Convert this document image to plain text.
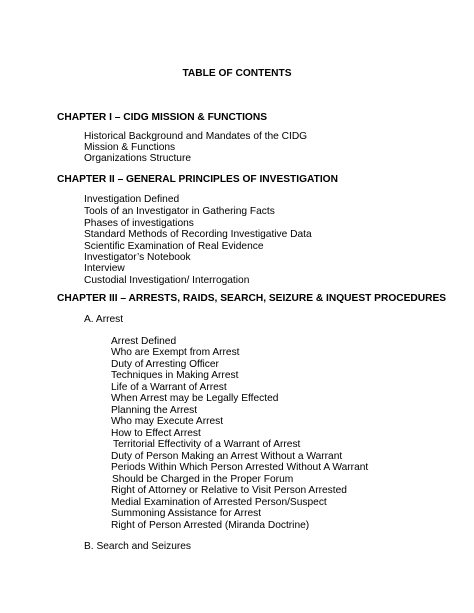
TABLE OF CONTENTS
CHAPTER I – CIDG MISSION & FUNCTIONS
Historical Background and Mandates of the CIDG
Mission & Functions
Organizations Structure
CHAPTER II – GENERAL PRINCIPLES OF INVESTIGATION
Investigation Defined
Tools of an Investigator in Gathering Facts
Phases of investigations
Standard Methods of Recording Investigative Data
Scientific Examination of Real Evidence
Investigator’s Notebook
Interview
Custodial Investigation/ Interrogation
CHAPTER III – ARRESTS, RAIDS, SEARCH, SEIZURE & INQUEST PROCEDURES
A. Arrest
Arrest Defined
Who are Exempt from Arrest
Duty of Arresting Officer
Techniques in Making Arrest
Life of a Warrant of Arrest
When Arrest may be Legally Effected
Planning the Arrest
Who may Execute Arrest
How to Effect Arrest
Territorial Effectivity of a Warrant of Arrest
Duty of Person Making an Arrest Without a Warrant
Periods Within Which Person Arrested Without A Warrant
Should be Charged in the Proper Forum
Right of Attorney or Relative to Visit Person Arrested
Medial Examination of Arrested Person/Suspect
Summoning Assistance for Arrest
Right of Person Arrested (Miranda Doctrine)
B. Search and Seizures
